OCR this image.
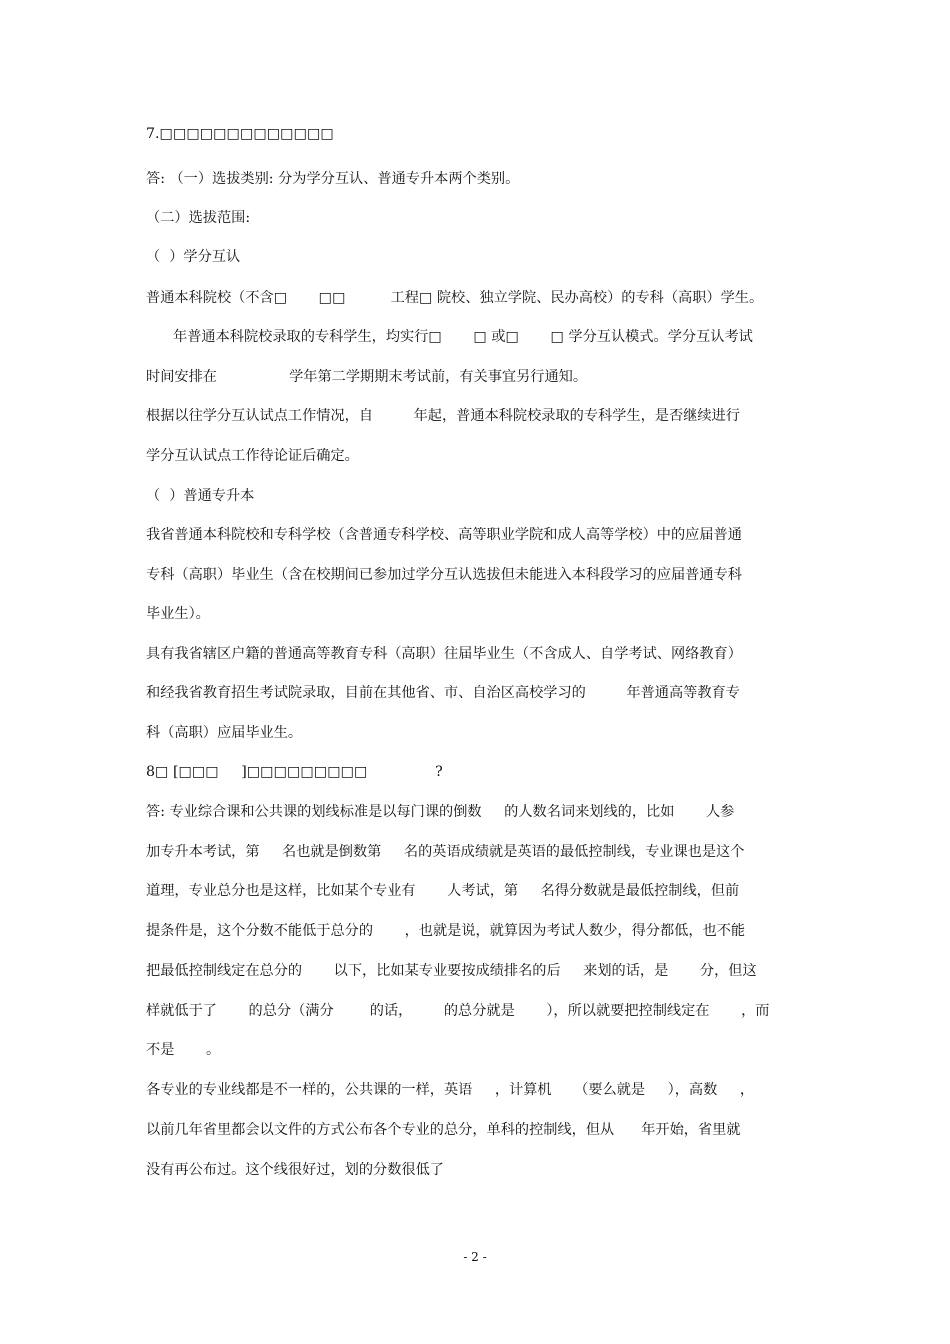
7.□□□□□□□□□□□□□
答: （一）选拔类别: 分为学分互认、普通专升本两个类别。
（二）选拔范围:
（  ）学分互认
普通本科院校（不含□       □□          工程□ 院校、独立学院、民办高校）的专科（高职）学生。
年普通本科院校录取的专科学生，均实行□       □ 或□       □ 学分互认模式。学分互认考试
时间安排在                学年第二学期期末考试前，有关事宜另行通知。
根据以往学分互认试点工作情况，自         年起，普通本科院校录取的专科学生，是否继续进行
学分互认试点工作待论证后确定。
（  ）普通专升本
我省普通本科院校和专科学校（含普通专科学校、高等职业学院和成人高等学校）中的应届普通
专科（高职）毕业生（含在校期间已参加过学分互认选拔但未能进入本科段学习的应届普通专科
毕业生）。
具有我省辖区户籍的普通高等教育专科（高职）往届毕业生（不含成人、自学考试、网络教育）
和经我省教育招生考试院录取，目前在其他省、市、自治区高校学习的         年普通高等教育专
科（高职）应届毕业生。
8□ [□□□     ]□□□□□□□□□               ?
答: 专业综合课和公共课的划线标准是以每门课的倒数     的人数名词来划线的，比如       人参
加专升本考试，第     名也就是倒数第     名的英语成绩就是英语的最低控制线，专业课也是这个
道理，专业总分也是这样，比如某个专业有       人考试，第     名得分数就是最低控制线，但前
提条件是，这个分数不能低于总分的       ，也就是说，就算因为考试人数少，得分都低，也不能
把最低控制线定在总分的       以下，比如某专业要按成绩排名的后     来划的话，是       分，但这
样就低于了       的总分（满分        的话，       的总分就是       ），所以就要把控制线定在       ，而
不是       。
各专业的专业线都是不一样的，公共课的一样，英语     ，计算机     （要么就是     ），高数     ，
以前几年省里都会以文件的方式公布各个专业的总分，单科的控制线，但从      年开始，省里就
没有再公布过。这个线很好过，划的分数很低了
- 2 -
